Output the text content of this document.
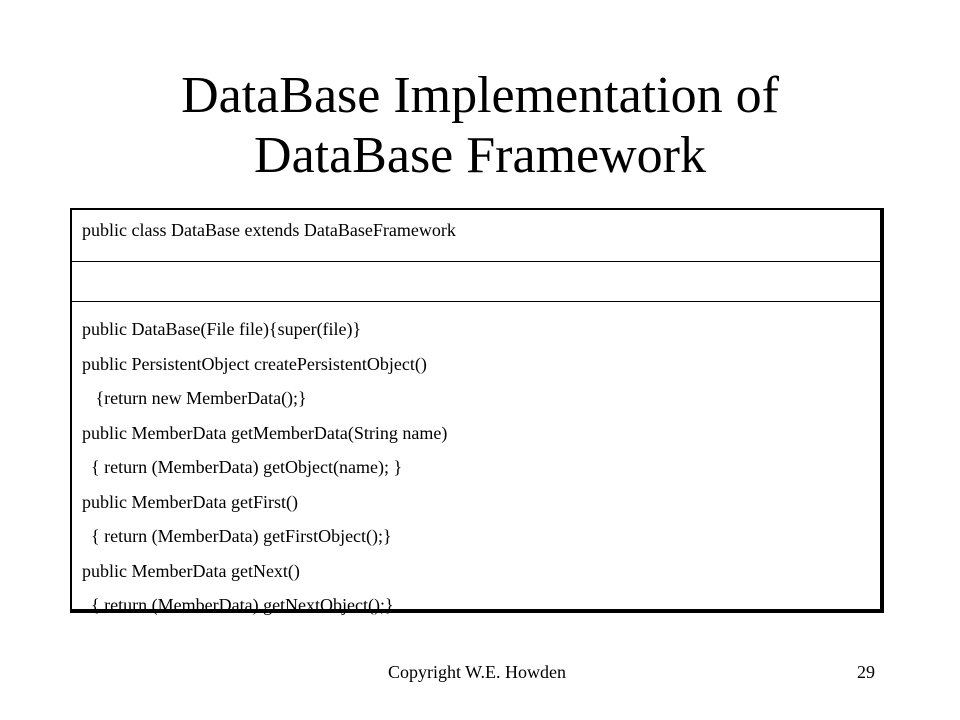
DataBase Implementation of
DataBase Framework
public class DataBase extends DataBaseFramework

public DataBase(File file){super(file)}

public PersistentObject createPersistentObject()

{return new MemberData();}

public MemberData getMemberData(String name)

{ return (MemberData) getObject(name); }

public MemberData getFirst()

{ return (MemberData) getFirstObject();}

public MemberData getNext()

{ return (MemberData) getNextObject();}

Copyright W.E. Howden	29
